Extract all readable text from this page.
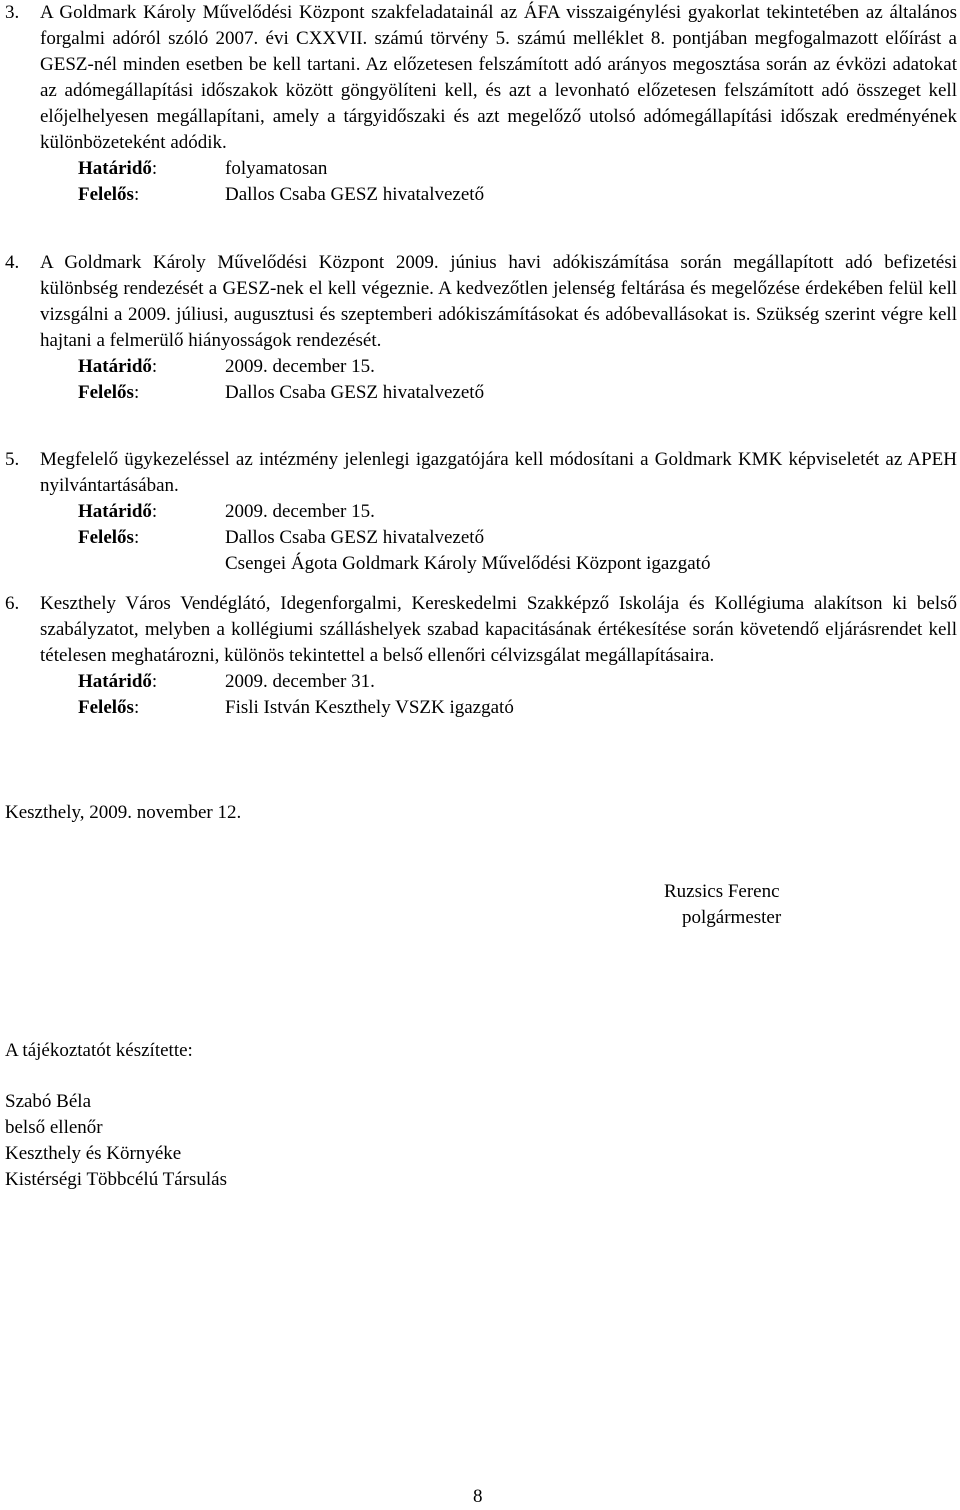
3.	A Goldmark Károly Művelődési Központ szakfeladatainál az ÁFA visszaigénylési gyakorlat tekintetében az általános forgalmi adóról szóló 2007. évi CXXVII. számú törvény 5. számú melléklet 8. pontjában megfogalmazott előírást a GESZ-nél minden esetben be kell tartani. Az előzetesen felszámított adó arányos megosztása során az évközi adatokat az adómegállapítási időszakok között göngyölíteni kell, és azt a levonható előzetesen felszámított adó összeget kell előjelhelyesen megállapítani, amely a tárgyidőszaki és azt megelőző utolsó adómegállapítási időszak eredményének különbözeteként adódik.

Határidő:	folyamatosan
Felelős:	Dallos Csaba GESZ hivatalvezető
4.	A Goldmark Károly Művelődési Központ 2009. június havi adókiszámítása során megállapított adó befizetési különbség rendezését a GESZ-nek el kell végeznie. A kedvezőtlen jelenség feltárása és megelőzése érdekében felül kell vizsgálni a 2009. júliusi, augusztusi és szeptemberi adókiszámításokat és adóbevallásokat is. Szükség szerint végre kell hajtani a felmerülő hiányosságok rendezését.

Határidő:	2009. december 15.
Felelős:	Dallos Csaba GESZ hivatalvezető
5.	Megfelelő ügykezeléssel az intézmény jelenlegi igazgatójára kell módosítani a Goldmark KMK képviseletét az APEH nyilvántartásában.

Határidő:	2009. december 15.
Felelős:	Dallos Csaba GESZ hivatalvezető
Csengei Ágota Goldmark Károly Művelődési Központ igazgató
6.	Keszthely Város Vendéglátó, Idegenforgalmi, Kereskedelmi Szakképző Iskolája és Kollégiuma alakítson ki belső szabályzatot, melyben a kollégiumi szálláshelyek szabad kapacitásának értékesítése során követendő eljárásrendet kell tételesen meghatározni, különös tekintettel a belső ellenőri célvizsgálat megállapításaira.

Határidő:	2009. december 31.
Felelős:	Fisli István Keszthely VSZK igazgató
Keszthely, 2009. november 12.
Ruzsics Ferenc
polgármester
A tájékoztatót készítette:
Szabó Béla
belső ellenőr
Keszthely és Környéke
Kistérségi Többcélú Társulás
8
